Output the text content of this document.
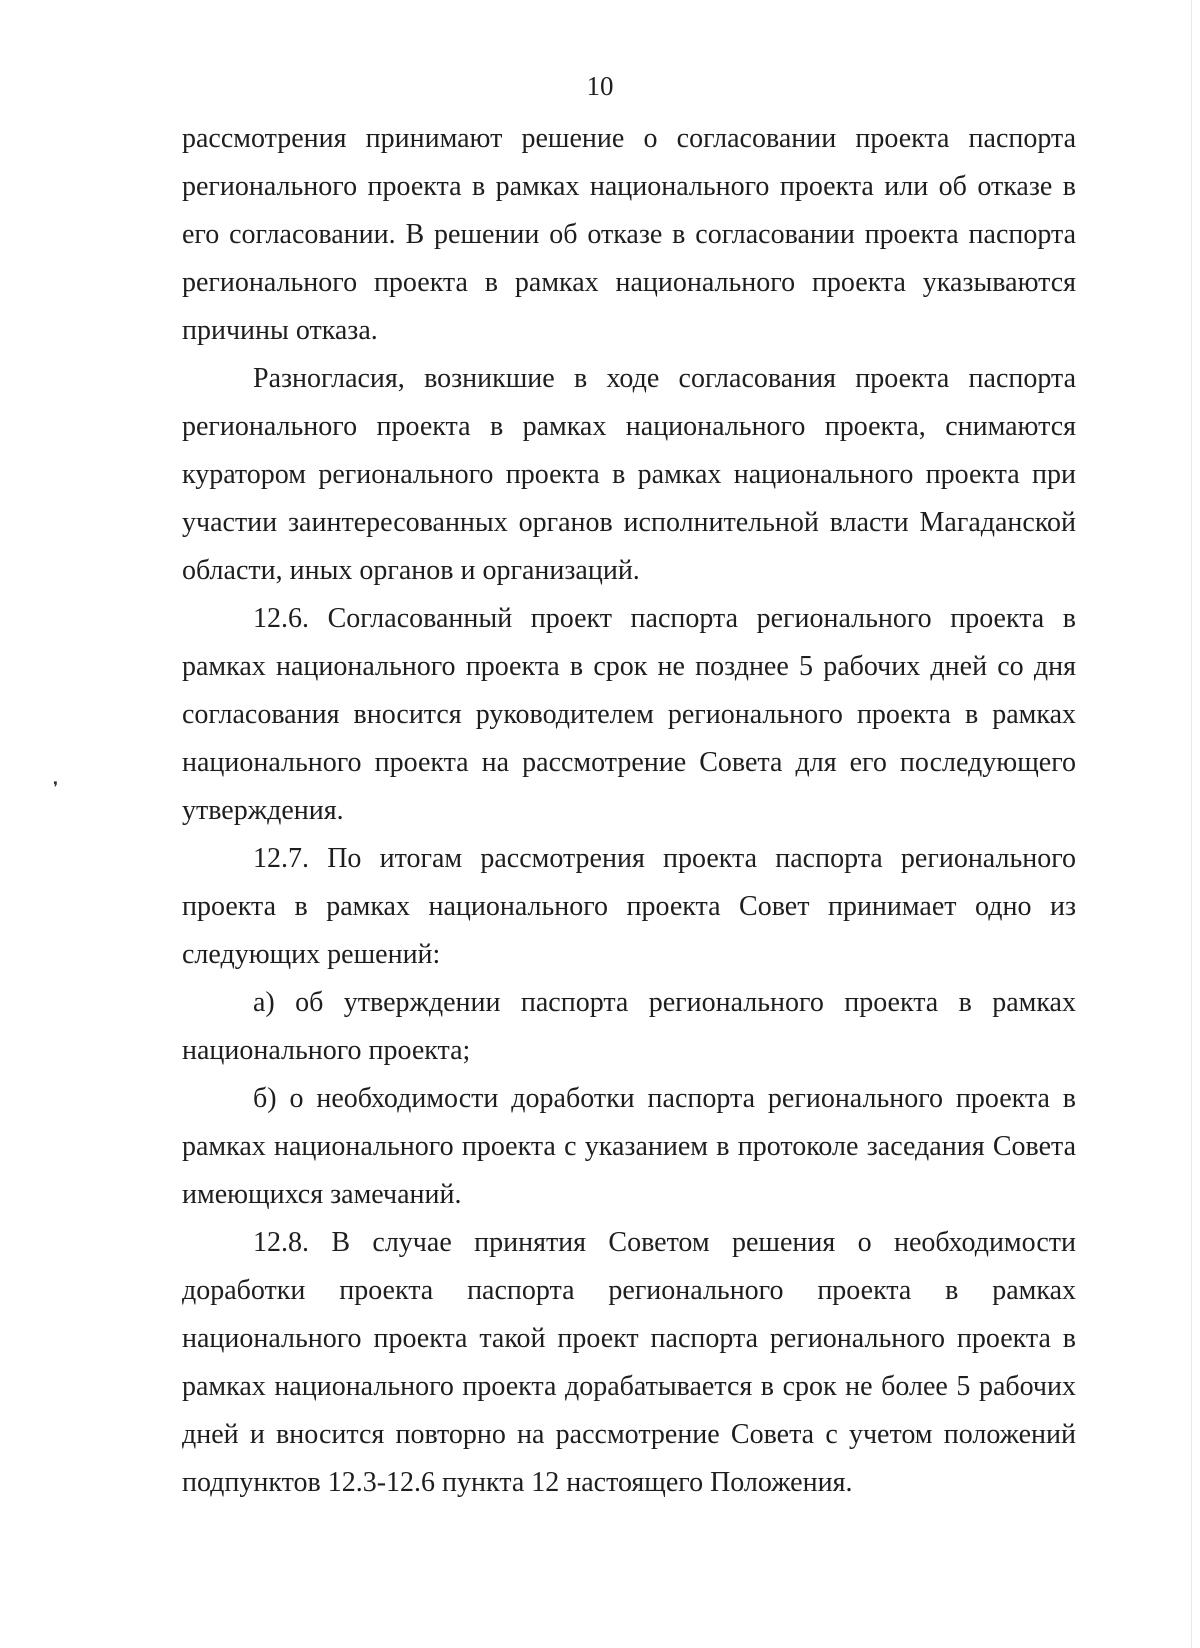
10

рассмотрения принимают решение о согласовании проекта паспорта регионального проекта в рамках национального проекта или об отказе в его согласовании. В решении об отказе в согласовании проекта паспорта регионального проекта в рамках национального проекта указываются причины отказа.

Разногласия, возникшие в ходе согласования проекта паспорта регионального проекта в рамках национального проекта, снимаются куратором регионального проекта в рамках национального проекта при участии заинтересованных органов исполнительной власти Магаданской области, иных органов и организаций.

12.6. Согласованный проект паспорта регионального проекта в рамках национального проекта в срок не позднее 5 рабочих дней со дня согласования вносится руководителем регионального проекта в рамках национального проекта на рассмотрение Совета для его последующего утверждения.

12.7. По итогам рассмотрения проекта паспорта регионального проекта в рамках национального проекта Совет принимает одно из следующих решений:

а) об утверждении паспорта регионального проекта в рамках национального проекта;

б) о необходимости доработки паспорта регионального проекта в рамках национального проекта с указанием в протоколе заседания Совета имеющихся замечаний.

12.8. В случае принятия Советом решения о необходимости доработки проекта паспорта регионального проекта в рамках национального проекта такой проект паспорта регионального проекта в рамках национального проекта дорабатывается в срок не более 5 рабочих дней и вносится повторно на рассмотрение Совета с учетом положений подпунктов 12.3-12.6 пункта 12 настоящего Положения.

❜
